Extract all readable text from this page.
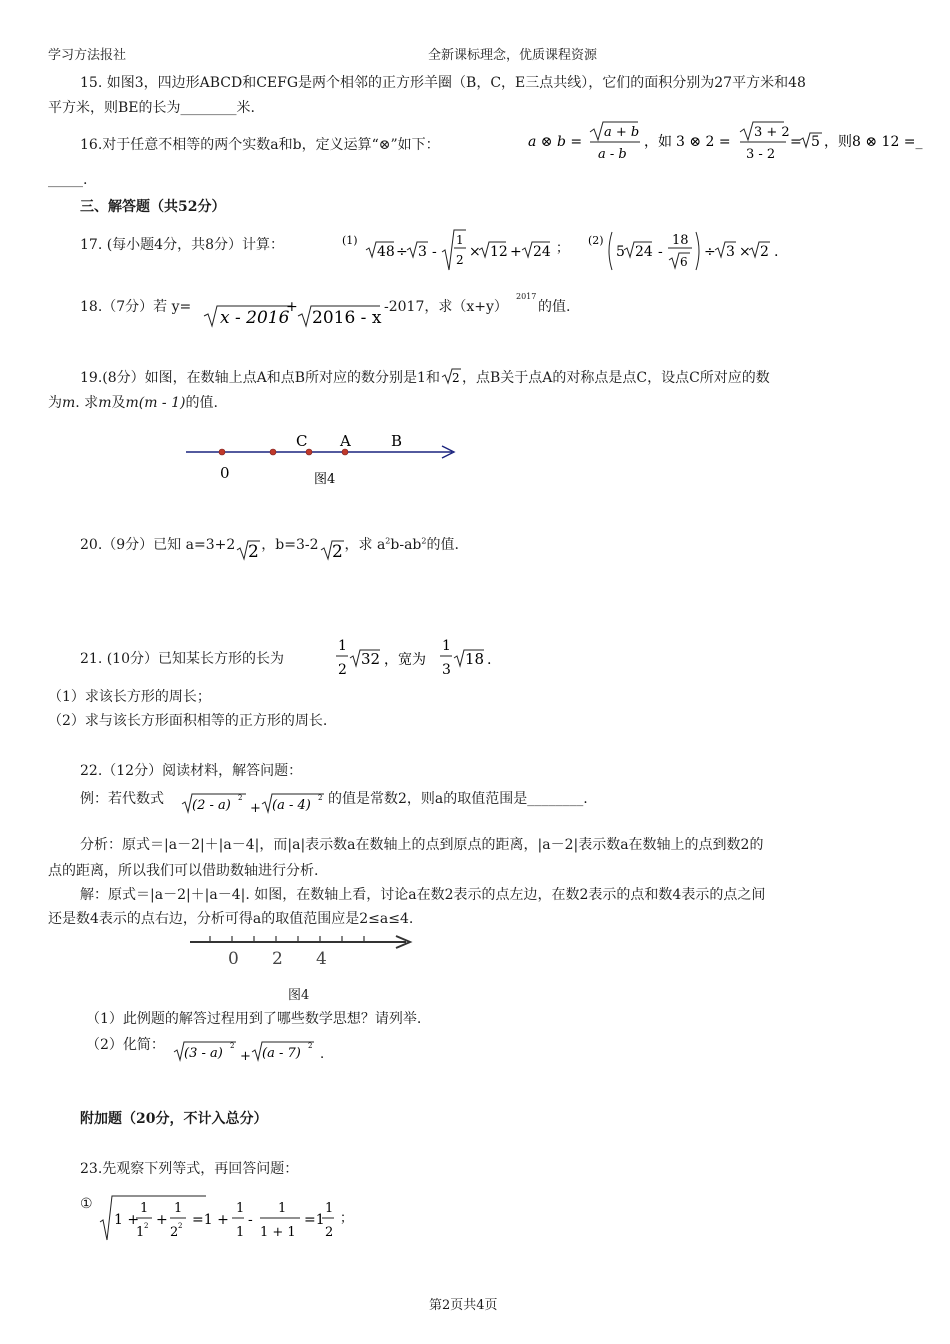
学习方法报社	全新课标理念，优质课程资源
15. 如图3，四边形ABCD和CEFG是两个相邻的正方形羊圈（B，C，E三点共线），它们的面积分别为27平方米和48
平方米，则BE的长为________米.
16.对于任意不相等的两个实数a和b，定义运算“⊗”如下：	a ⊗ b =
a + b
a - b
，如 3 ⊗ 2 =
3 + 2
3 - 2
= 5 ，则8 ⊗ 12 =_
_____.
三、解答题（共52分）
17. (每小题4分，共8分）计算：	(1)
48 ÷ 3 -
1
2 × 12 + 24 ；
(2)
5 24 -
18
6
÷ 3 × 2 .
18.（7分）若 y=
x - 2016
+
2016 - x
-2017，求（x+y）
2017
的值.
19.(8分）如图，在数轴上点A和点B所对应的数分别是1和 2 ，点B关于点A的对称点是点C，设点C所对应的数
为m. 求m及m(m - 1)的值.
C A	B
0	图4
20.（9分）已知 a=3+2 2 ，b=3-2 2 ，求 $a^2b-ab^2$的值.
21. (10分）已知某长方形的长为
1
2
32 ，宽为
1
3
18 .
（1）求该长方形的周长；
（2）求与该长方形面积相等的正方形的周长.
22.（12分）阅读材料，解答问题：
例：若代数式 (2 - a) 2
+ (a - 4) 2 的值是常数2，则a的取值范围是________.
分析：原式＝|a－2|＋|a－4|，而|a|表示数a在数轴上的点到原点的距离，|a－2|表示数a在数轴上的点到数2的
点的距离，所以我们可以借助数轴进行分析.
解：原式＝|a－2|＋|a－4|. 如图，在数轴上看，讨论a在数2表示的点左边，在数2表示的点和数4表示的点之间
还是数4表示的点右边，分析可得a的取值范围应是2≤a≤4.
0 2 4
图4
（1）此例题的解答过程用到了哪些数学思想？请列举.
（2）化简：
(3 - a) 2
+ (a - 7) 2
.
附加题（20分，不计入总分）
23.先观察下列等式，再回答问题：
①
1 +
1
1 2 +
1
2 2 =1 +
1
1
-
1
1 + 1
=1
1
2
；
第2页共4页
